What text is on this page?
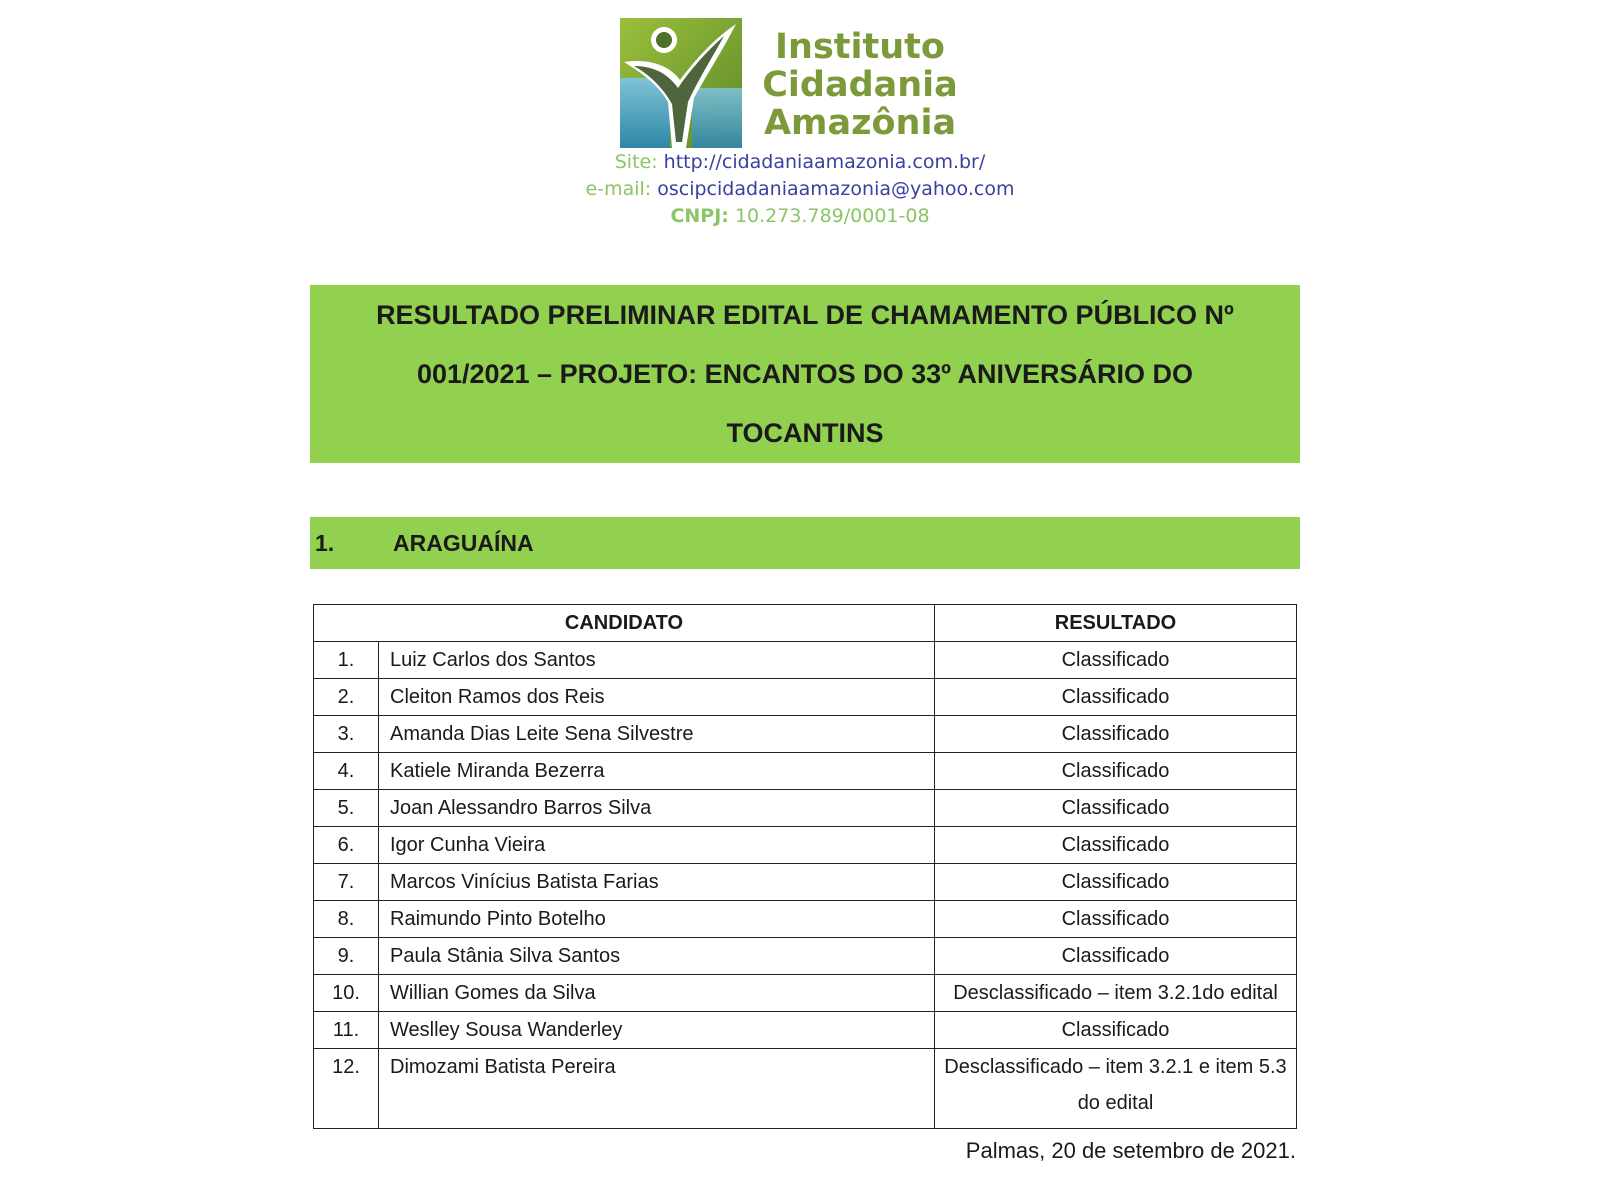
Instituto
Cidadania
Amazônia
Site: http://cidadaniaamazonia.com.br/
e-mail: oscipcidadaniaamazonia@yahoo.com
CNPJ: 10.273.789/0001-08
RESULTADO PRELIMINAR EDITAL DE CHAMAMENTO PÚBLICO Nº 001/2021 – PROJETO: ENCANTOS DO 33º ANIVERSÁRIO DO TOCANTINS
1.	ARAGUAÍNA
CANDIDATO		RESULTADO
1.	Luiz Carlos dos Santos	Classificado
2.	Cleiton Ramos dos Reis	Classificado
3.	Amanda Dias Leite Sena Silvestre	Classificado
4.	Katiele Miranda Bezerra	Classificado
5.	Joan Alessandro Barros Silva	Classificado
6.	Igor Cunha Vieira	Classificado
7.	Marcos Vinícius Batista Farias	Classificado
8.	Raimundo Pinto Botelho	Classificado
9.	Paula Stânia Silva Santos	Classificado
10.	Willian Gomes da Silva	Desclassificado – item 3.2.1do edital
11.	Weslley Sousa Wanderley	Classificado
12.	Dimozami Batista Pereira	Desclassificado – item 3.2.1 e item 5.3 do edital
Palmas, 20 de setembro de 2021.
